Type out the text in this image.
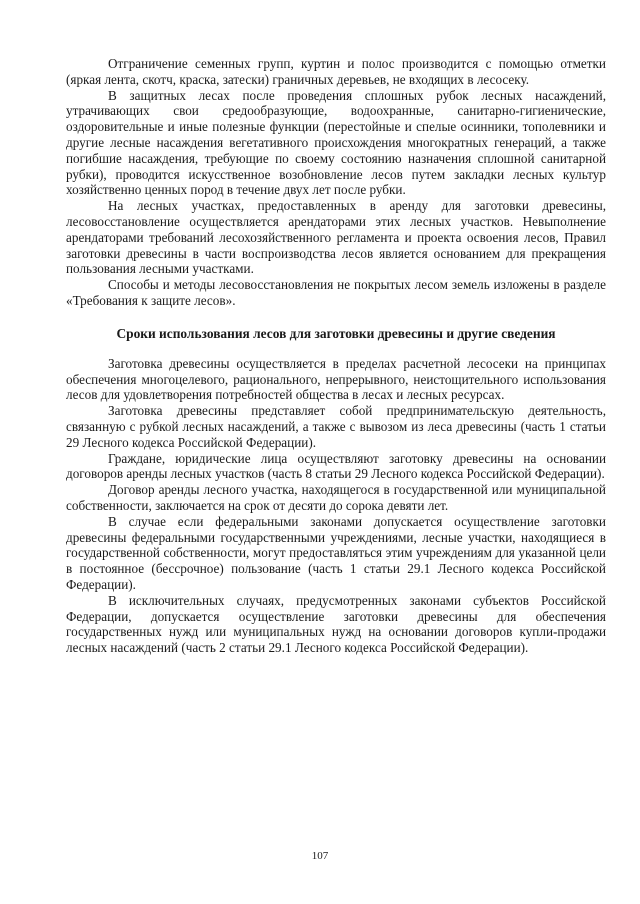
Отграничение семенных групп, куртин и полос производится с помощью отметки (яркая лента, скотч, краска, затески) граничных деревьев, не входящих в лесосеку.

В защитных лесах после проведения сплошных рубок лесных насаждений, утрачивающих свои средообразующие, водоохранные, санитарно-гигиенические, оздоровительные и иные полезные функции (перестойные и спелые осинники, тополевники и другие лесные насаждения вегетативного происхождения многократных генераций, а также погибшие насаждения, требующие по своему состоянию назначения сплошной санитарной рубки), проводится искусственное возобновление лесов путем закладки лесных культур хозяйственно ценных пород в течение двух лет после рубки.

На лесных участках, предоставленных в аренду для заготовки древесины, лесовосстановление осуществляется арендаторами этих лесных участков. Невыполнение арендаторами требований лесохозяйственного регламента и проекта освоения лесов, Правил заготовки древесины в части воспроизводства лесов является основанием для прекращения пользования лесными участками.

Способы и методы лесовосстановления не покрытых лесом земель изложены в разделе «Требования к защите лесов».

Сроки использования лесов для заготовки древесины и другие сведения

Заготовка древесины осуществляется в пределах расчетной лесосеки на принципах обеспечения многоцелевого, рационального, непрерывного, неистощительного использования лесов для удовлетворения потребностей общества в лесах и лесных ресурсах.

Заготовка древесины представляет собой предпринимательскую деятельность, связанную с рубкой лесных насаждений, а также с вывозом из леса древесины (часть 1 статьи 29 Лесного кодекса Российской Федерации).

Граждане, юридические лица осуществляют заготовку древесины на основании договоров аренды лесных участков (часть 8 статьи 29 Лесного кодекса Российской Федерации).

Договор аренды лесного участка, находящегося в государственной или муниципальной собственности, заключается на срок от десяти до сорока девяти лет.

В случае если федеральными законами допускается осуществление заготовки древесины федеральными государственными учреждениями, лесные участки, находящиеся в государственной собственности, могут предоставляться этим учреждениям для указанной цели в постоянное (бессрочное) пользование (часть 1 статьи 29.1 Лесного кодекса Российской Федерации).

В исключительных случаях, предусмотренных законами субъектов Российской Федерации, допускается осуществление заготовки древесины для обеспечения государственных нужд или муниципальных нужд на основании договоров купли-продажи лесных насаждений (часть 2 статьи 29.1 Лесного кодекса Российской Федерации).

107
